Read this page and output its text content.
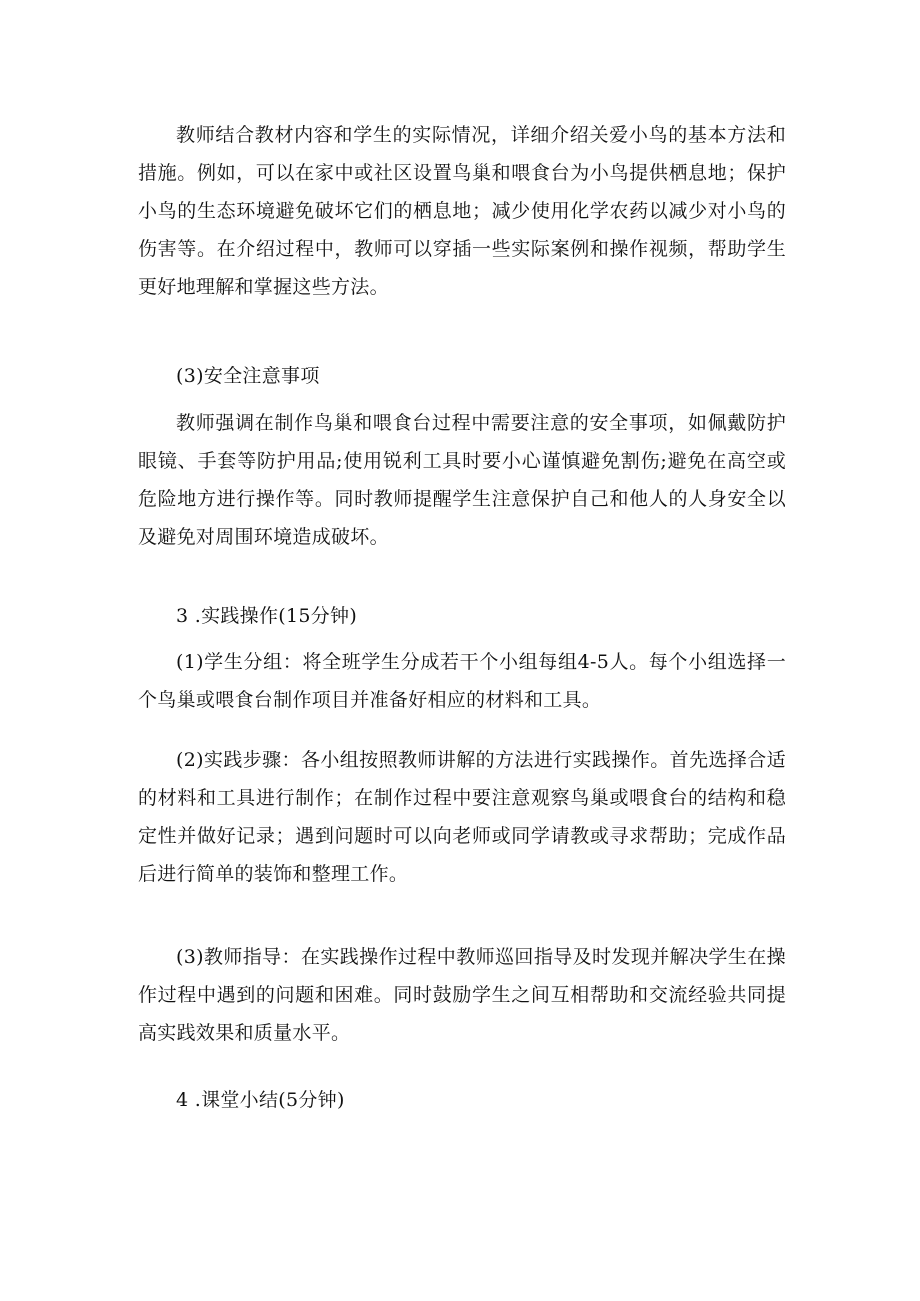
教师结合教材内容和学生的实际情况，详细介绍关爱小鸟的基本方法和措施。例如，可以在家中或社区设置鸟巢和喂食台为小鸟提供栖息地；保护小鸟的生态环境避免破坏它们的栖息地；减少使用化学农药以减少对小鸟的伤害等。在介绍过程中，教师可以穿插一些实际案例和操作视频，帮助学生更好地理解和掌握这些方法。

(3)安全注意事项

教师强调在制作鸟巢和喂食台过程中需要注意的安全事项，如佩戴防护眼镜、手套等防护用品;使用锐利工具时要小心谨慎避免割伤;避免在高空或危险地方进行操作等。同时教师提醒学生注意保护自己和他人的人身安全以及避免对周围环境造成破坏。

3 .实践操作(15分钟)

(1)学生分组：将全班学生分成若干个小组每组4-5人。每个小组选择一个鸟巢或喂食台制作项目并准备好相应的材料和工具。

(2)实践步骤：各小组按照教师讲解的方法进行实践操作。首先选择合适的材料和工具进行制作；在制作过程中要注意观察鸟巢或喂食台的结构和稳定性并做好记录；遇到问题时可以向老师或同学请教或寻求帮助；完成作品后进行简单的装饰和整理工作。

(3)教师指导：在实践操作过程中教师巡回指导及时发现并解决学生在操作过程中遇到的问题和困难。同时鼓励学生之间互相帮助和交流经验共同提高实践效果和质量水平。

4 .课堂小结(5分钟)
